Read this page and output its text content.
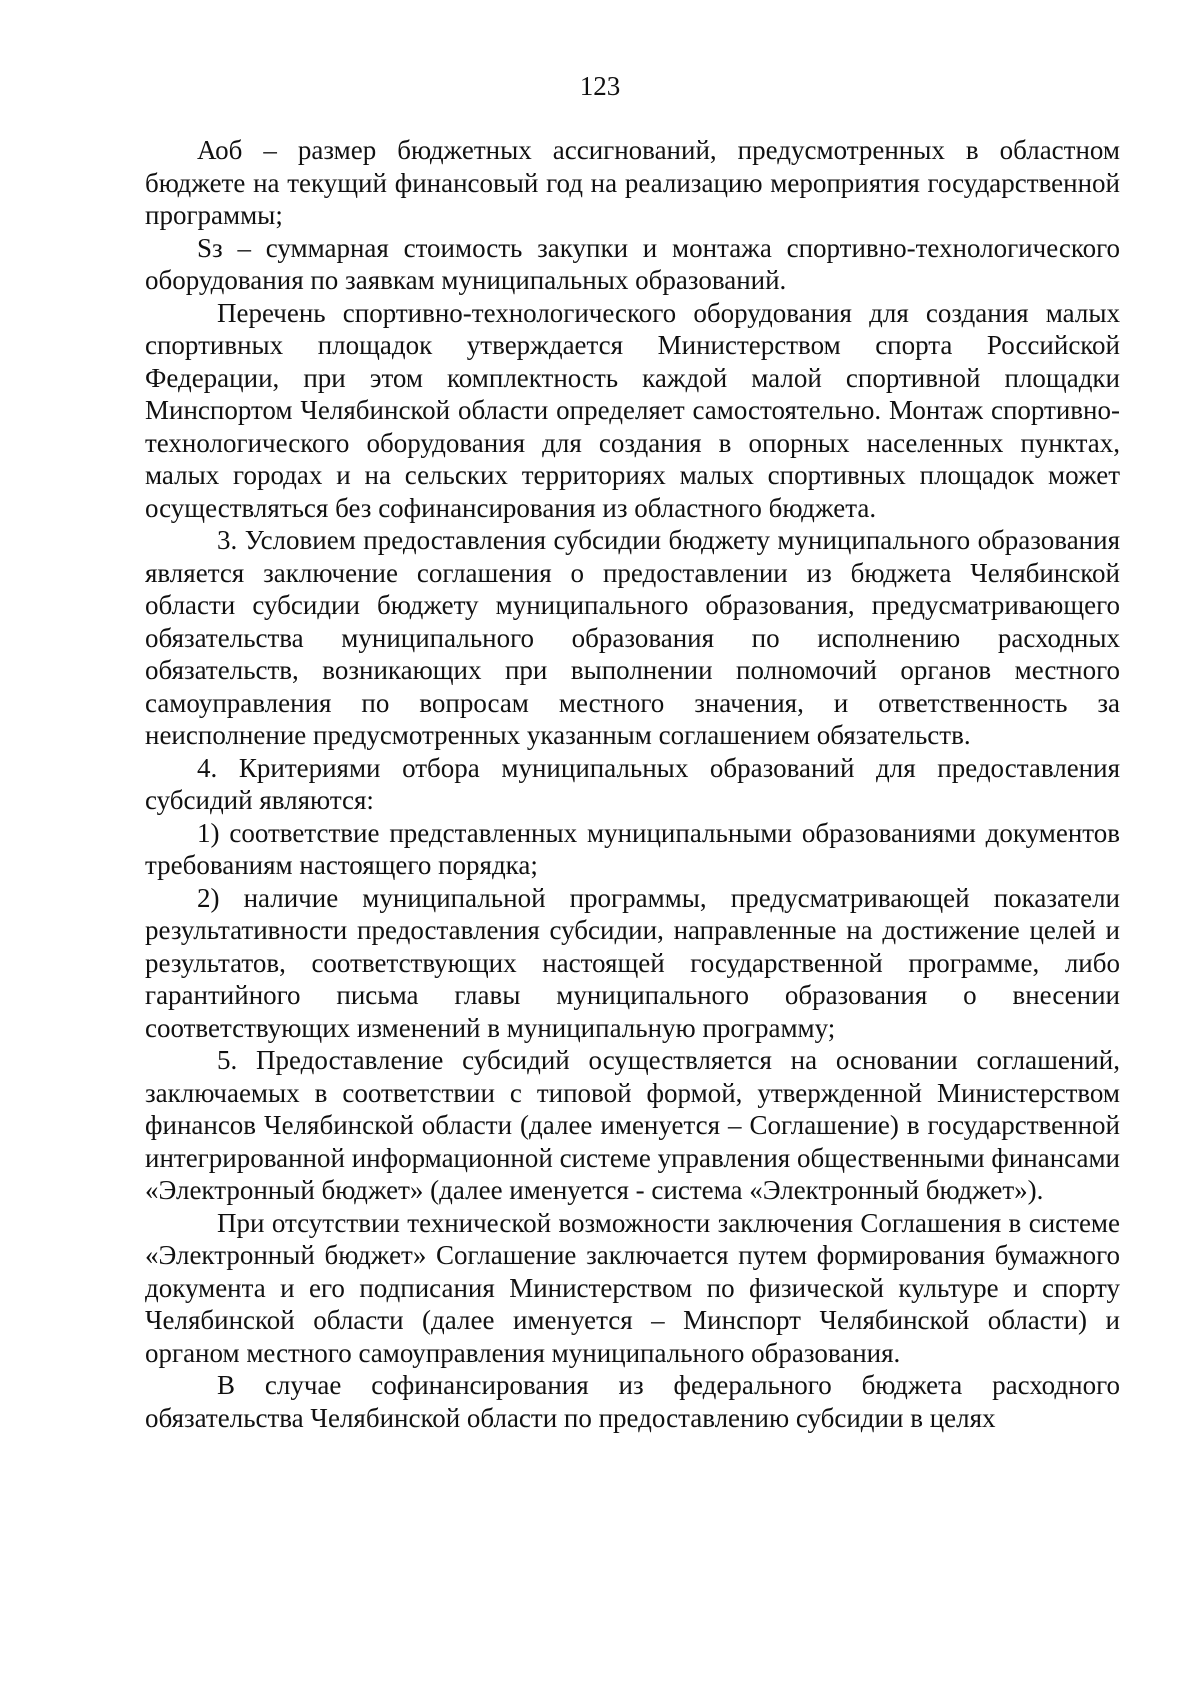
123

Аоб – размер бюджетных ассигнований, предусмотренных в областном бюджете на текущий финансовый год на реализацию мероприятия государственной программы;

Sз – суммарная стоимость закупки и монтажа спортивно-технологического оборудования по заявкам муниципальных образований.

Перечень спортивно-технологического оборудования для создания малых спортивных площадок утверждается Министерством спорта Российской Федерации, при этом комплектность каждой малой спортивной площадки Минспортом Челябинской области определяет самостоятельно. Монтаж спортивно-технологического оборудования для создания в опорных населенных пунктах, малых городах и на сельских территориях малых спортивных площадок может осуществляться без софинансирования из областного бюджета.

3. Условием предоставления субсидии бюджету муниципального образования является заключение соглашения о предоставлении из бюджета Челябинской области субсидии бюджету муниципального образования, предусматривающего обязательства муниципального образования по исполнению расходных обязательств, возникающих при выполнении полномочий органов местного самоуправления по вопросам местного значения, и ответственность за неисполнение предусмотренных указанным соглашением обязательств.

4. Критериями отбора муниципальных образований для предоставления субсидий являются:

1) соответствие представленных муниципальными образованиями документов требованиям настоящего порядка;

2) наличие муниципальной программы, предусматривающей показатели результативности предоставления субсидии, направленные на достижение целей и результатов, соответствующих настоящей государственной программе, либо гарантийного письма главы муниципального образования о внесении соответствующих изменений в муниципальную программу;

5. Предоставление субсидий осуществляется на основании соглашений, заключаемых в соответствии с типовой формой, утвержденной Министерством финансов Челябинской области (далее именуется – Соглашение) в государственной интегрированной информационной системе управления общественными финансами «Электронный бюджет» (далее именуется - система «Электронный бюджет»).

При отсутствии технической возможности заключения Соглашения в системе «Электронный бюджет» Соглашение заключается путем формирования бумажного документа и его подписания Министерством по физической культуре и спорту Челябинской области (далее именуется – Минспорт Челябинской области) и органом местного самоуправления муниципального образования.

В случае софинансирования из федерального бюджета расходного обязательства Челябинской области по предоставлению субсидии в целях
